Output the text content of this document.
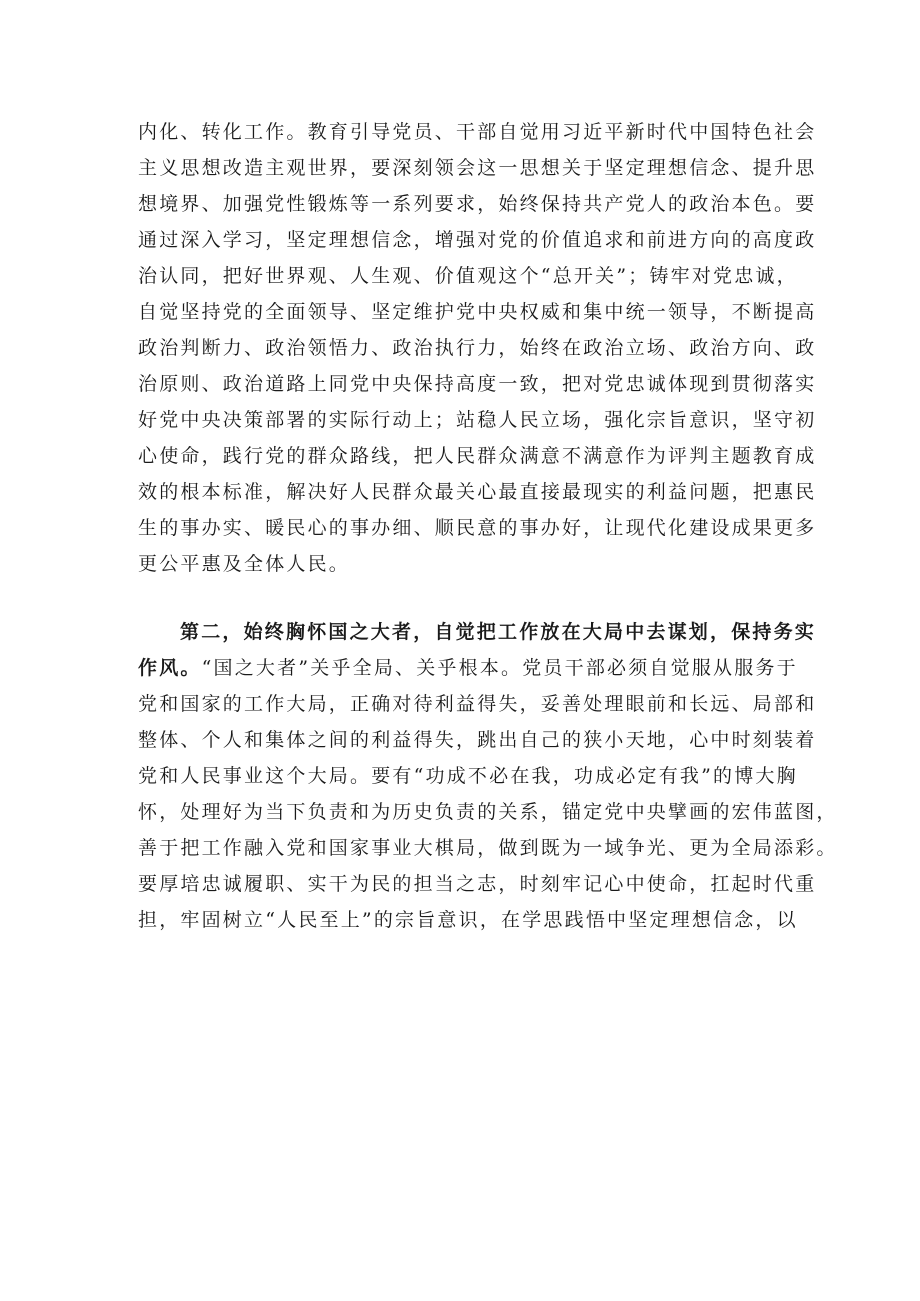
内化、转化工作。教育引导党员、干部自觉用习近平新时代中国特色社会
主义思想改造主观世界，要深刻领会这一思想关于坚定理想信念、提升思
想境界、加强党性锻炼等一系列要求，始终保持共产党人的政治本色。要
通过深入学习，坚定理想信念，增强对党的价值追求和前进方向的高度政
治认同，把好世界观、人生观、价值观这个“总开关”；铸牢对党忠诚，
自觉坚持党的全面领导、坚定维护党中央权威和集中统一领导，不断提高
政治判断力、政治领悟力、政治执行力，始终在政治立场、政治方向、政
治原则、政治道路上同党中央保持高度一致，把对党忠诚体现到贯彻落实
好党中央决策部署的实际行动上；站稳人民立场，强化宗旨意识，坚守初
心使命，践行党的群众路线，把人民群众满意不满意作为评判主题教育成
效的根本标准，解决好人民群众最关心最直接最现实的利益问题，把惠民
生的事办实、暖民心的事办细、顺民意的事办好，让现代化建设成果更多
更公平惠及全体人民。
第二，始终胸怀国之大者，自觉把工作放在大局中去谋划，保持务实
作风。“国之大者”关乎全局、关乎根本。党员干部必须自觉服从服务于
党和国家的工作大局，正确对待利益得失，妥善处理眼前和长远、局部和
整体、个人和集体之间的利益得失，跳出自己的狭小天地，心中时刻装着
党和人民事业这个大局。要有“功成不必在我，功成必定有我”的博大胸
怀，处理好为当下负责和为历史负责的关系，锚定党中央擘画的宏伟蓝图，
善于把工作融入党和国家事业大棋局，做到既为一域争光、更为全局添彩。
要厚培忠诚履职、实干为民的担当之志，时刻牢记心中使命，扛起时代重
担，牢固树立“人民至上”的宗旨意识，在学思践悟中坚定理想信念，以
